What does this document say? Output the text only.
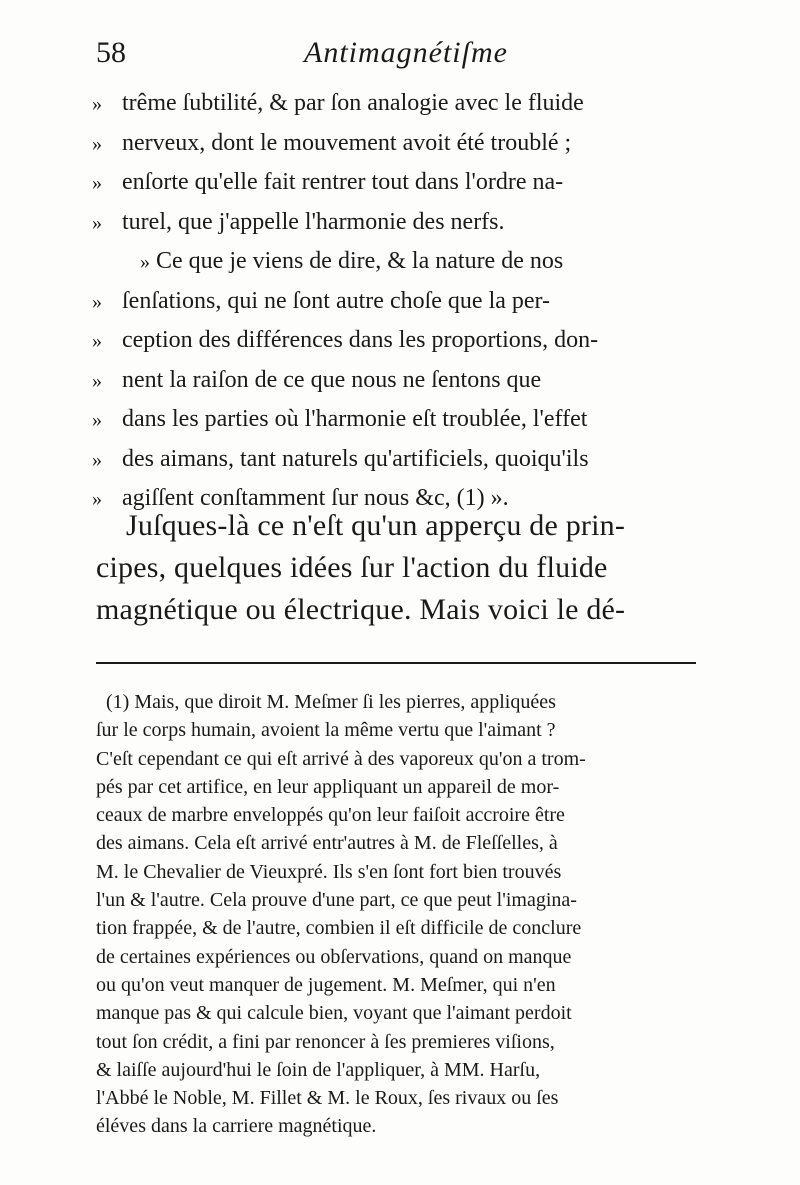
58	Antimagnétiſme
» trême ſubtilité, & par ſon analogie avec le fluide
» nerveux, dont le mouvement avoit été troublé ;
» enſorte qu'elle fait rentrer tout dans l'ordre na-
» turel, que j'appelle l'harmonie des nerfs.
» Ce que je viens de dire, & la nature de nos
» ſenſations, qui ne ſont autre choſe que la per-
» ception des différences dans les proportions, don-
» nent la raiſon de ce que nous ne ſentons que
» dans les parties où l'harmonie eſt troublée, l'effet
» des aimans, tant naturels qu'artificiels, quoiqu'ils
» agiſſent conſtamment ſur nous &c, (1) ».
Juſques-là ce n'eſt qu'un apperçu de prin-
cipes, quelques idées ſur l'action du fluide
magnétique ou électrique. Mais voici le dé-
(1) Mais, que diroit M. Meſmer ſi les pierres, appliquées
ſur le corps humain, avoient la même vertu que l'aimant ?
C'eſt cependant ce qui eſt arrivé à des vaporeux qu'on a trom-
pés par cet artifice, en leur appliquant un appareil de mor-
ceaux de marbre enveloppés qu'on leur faiſoit accroire être
des aimans. Cela eſt arrivé entr'autres à M. de Fleſſelles, à
M. le Chevalier de Vieuxpré. Ils s'en ſont fort bien trouvés
l'un & l'autre. Cela prouve d'une part, ce que peut l'imagina-
tion frappée, & de l'autre, combien il eſt difficile de conclure
de certaines expériences ou obſervations, quand on manque
ou qu'on veut manquer de jugement. M. Meſmer, qui n'en
manque pas & qui calcule bien, voyant que l'aimant perdoit
tout ſon crédit, a fini par renoncer à ſes premieres viſions,
& laiſſe aujourd'hui le ſoin de l'appliquer, à MM. Harſu,
l'Abbé le Noble, M. Fillet & M. le Roux, ſes rivaux ou ſes
éléves dans la carriere magnétique.
